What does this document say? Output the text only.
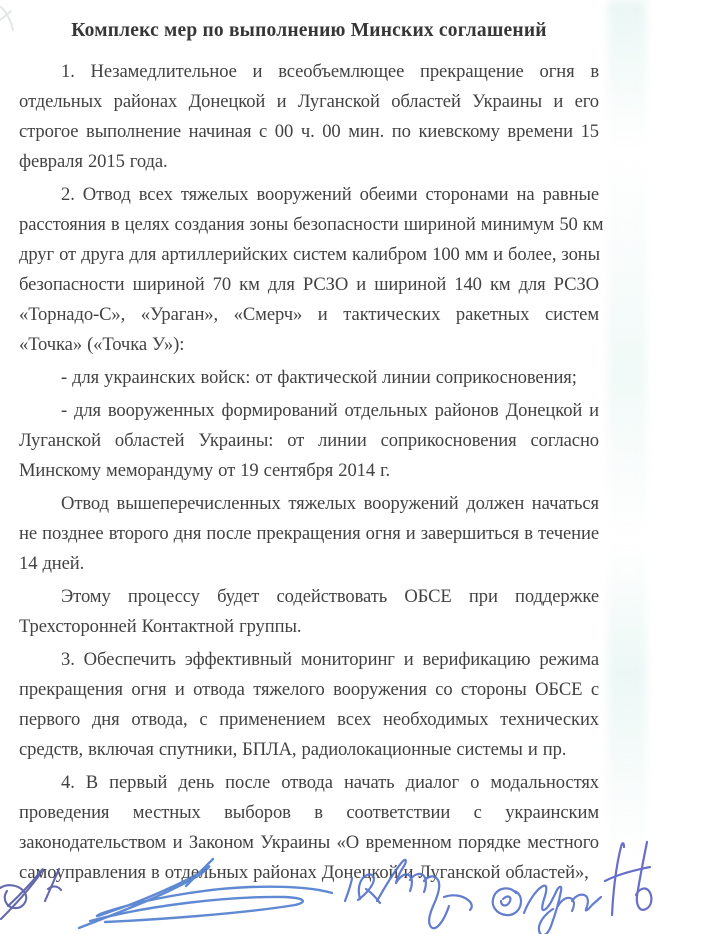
Комплекс мер по выполнению Минских соглашений
1. Незамедлительное и всеобъемлющее прекращение огня в
отдельных районах Донецкой и Луганской областей Украины и его
строгое выполнение начиная с 00 ч. 00 мин. по киевскому времени 15
февраля 2015 года.
2. Отвод всех тяжелых вооружений обеими сторонами на равные
расстояния в целях создания зоны безопасности шириной минимум 50 км
друг от друга для артиллерийских систем калибром 100 мм и более, зоны
безопасности шириной 70 км для РСЗО и шириной 140 км для РСЗО
«Торнадо-С», «Ураган», «Смерч» и тактических ракетных систем
«Точка» («Точка У»):
- для украинских войск: от фактической линии соприкосновения;
- для вооруженных формирований отдельных районов Донецкой и
Луганской областей Украины: от линии соприкосновения согласно
Минскому меморандуму от 19 сентября 2014 г.
Отвод вышеперечисленных тяжелых вооружений должен начаться
не позднее второго дня после прекращения огня и завершиться в течение
14 дней.
Этому процессу будет содействовать ОБСЕ при поддержке
Трехсторонней Контактной группы.
3. Обеспечить эффективный мониторинг и верификацию режима
прекращения огня и отвода тяжелого вооружения со стороны ОБСЕ с
первого дня отвода, с применением всех необходимых технических
средств, включая спутники, БПЛА, радиолокационные системы и пр.
4. В первый день после отвода начать диалог о модальностях
проведения местных выборов в соответствии с украинским
законодательством и Законом Украины «О временном порядке местного
самоуправления в отдельных районах Донецкой и Луганской областей»,
